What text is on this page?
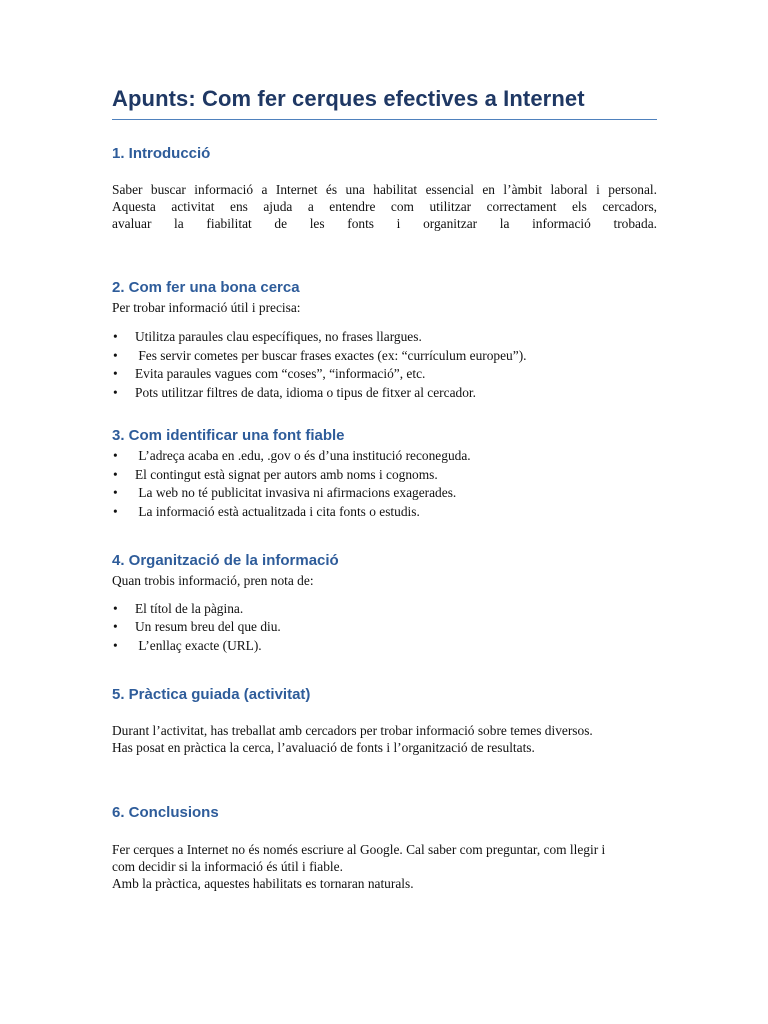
Apunts: Com fer cerques efectives a Internet
1. Introducció

Saber buscar informació a Internet és una habilitat essencial en l’àmbit laboral i personal.

Aquesta activitat ens ajuda a entendre com utilitzar correctament els cercadors,

avaluar la fiabilitat de les fonts i organitzar la informació trobada.

2. Com fer una bona cerca

Per trobar informació útil i precisa:

• Utilitza paraules clau específiques, no frases llargues.
• Fes servir cometes per buscar frases exactes (ex: “currículum europeu”).
• Evita paraules vagues com “coses”, “informació”, etc.
• Pots utilitzar filtres de data, idioma o tipus de fitxer al cercador.
3. Com identificar una font fiable
• L’adreça acaba en .edu, .gov o és d’una institució reconeguda.
• El contingut està signat per autors amb noms i cognoms.
• La web no té publicitat invasiva ni afirmacions exagerades.
• La informació està actualitzada i cita fonts o estudis.
4. Organització de la informació

Quan trobis informació, pren nota de:

• El títol de la pàgina.
• Un resum breu del que diu.
• L’enllaç exacte (URL).
5. Pràctica guiada (activitat)

Durant l’activitat, has treballat amb cercadors per trobar informació sobre temes diversos.

Has posat en pràctica la cerca, l’avaluació de fonts i l’organització de resultats.

6. Conclusions

Fer cerques a Internet no és només escriure al Google. Cal saber com preguntar, com llegir i

com decidir si la informació és útil i fiable.

Amb la pràctica, aquestes habilitats es tornaran naturals.
